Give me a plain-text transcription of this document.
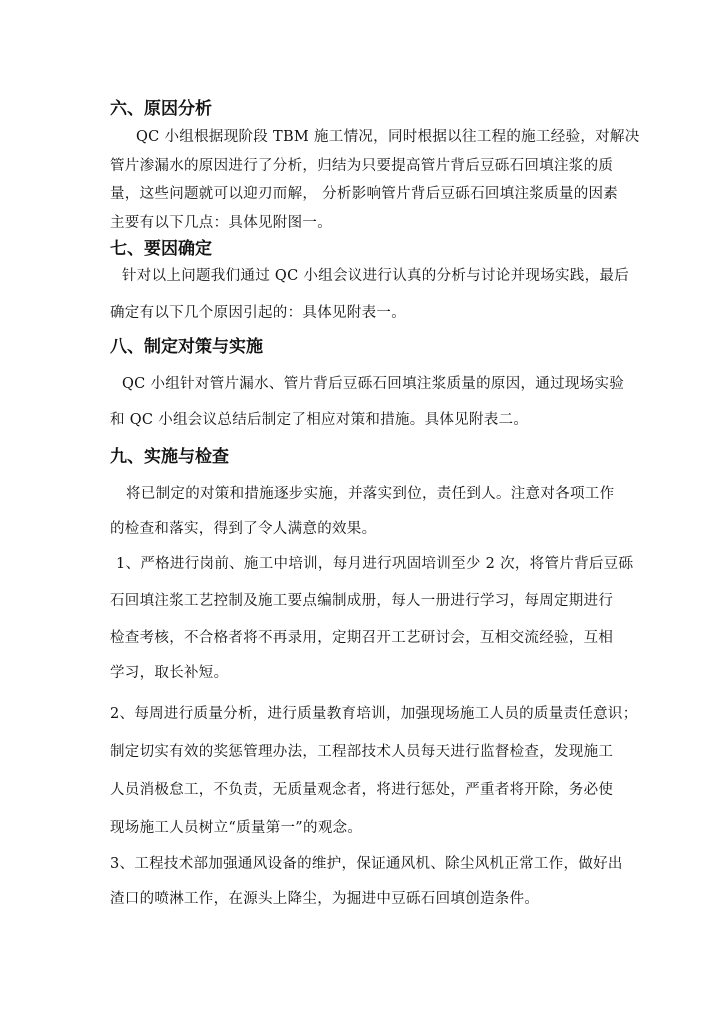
六、原因分析
QC 小组根据现阶段 TBM 施工情况，同时根据以往工程的施工经验，对解决
管片渗漏水的原因进行了分析，归结为只要提高管片背后豆砾石回填注浆的质
量，这些问题就可以迎刃而解， 分析影响管片背后豆砾石回填注浆质量的因素
主要有以下几点：具体见附图一。
七、要因确定
针对以上问题我们通过 QC 小组会议进行认真的分析与讨论并现场实践，最后
确定有以下几个原因引起的：具体见附表一。
八、制定对策与实施
QC 小组针对管片漏水、管片背后豆砾石回填注浆质量的原因，通过现场实验
和 QC 小组会议总结后制定了相应对策和措施。具体见附表二。
九、实施与检查
将已制定的对策和措施逐步实施，并落实到位，责任到人。注意对各项工作
的检查和落实，得到了令人满意的效果。
1、严格进行岗前、施工中培训，每月进行巩固培训至少 2 次，将管片背后豆砾
石回填注浆工艺控制及施工要点编制成册，每人一册进行学习，每周定期进行
检查考核，不合格者将不再录用，定期召开工艺研讨会，互相交流经验，互相
学习，取长补短。
2、每周进行质量分析，进行质量教育培训，加强现场施工人员的质量责任意识；
制定切实有效的奖惩管理办法，工程部技术人员每天进行监督检查，发现施工
人员消极怠工，不负责，无质量观念者，将进行惩处，严重者将开除，务必使
现场施工人员树立“质量第一”的观念。
3、工程技术部加强通风设备的维护，保证通风机、除尘风机正常工作，做好出
渣口的喷淋工作，在源头上降尘，为掘进中豆砾石回填创造条件。
